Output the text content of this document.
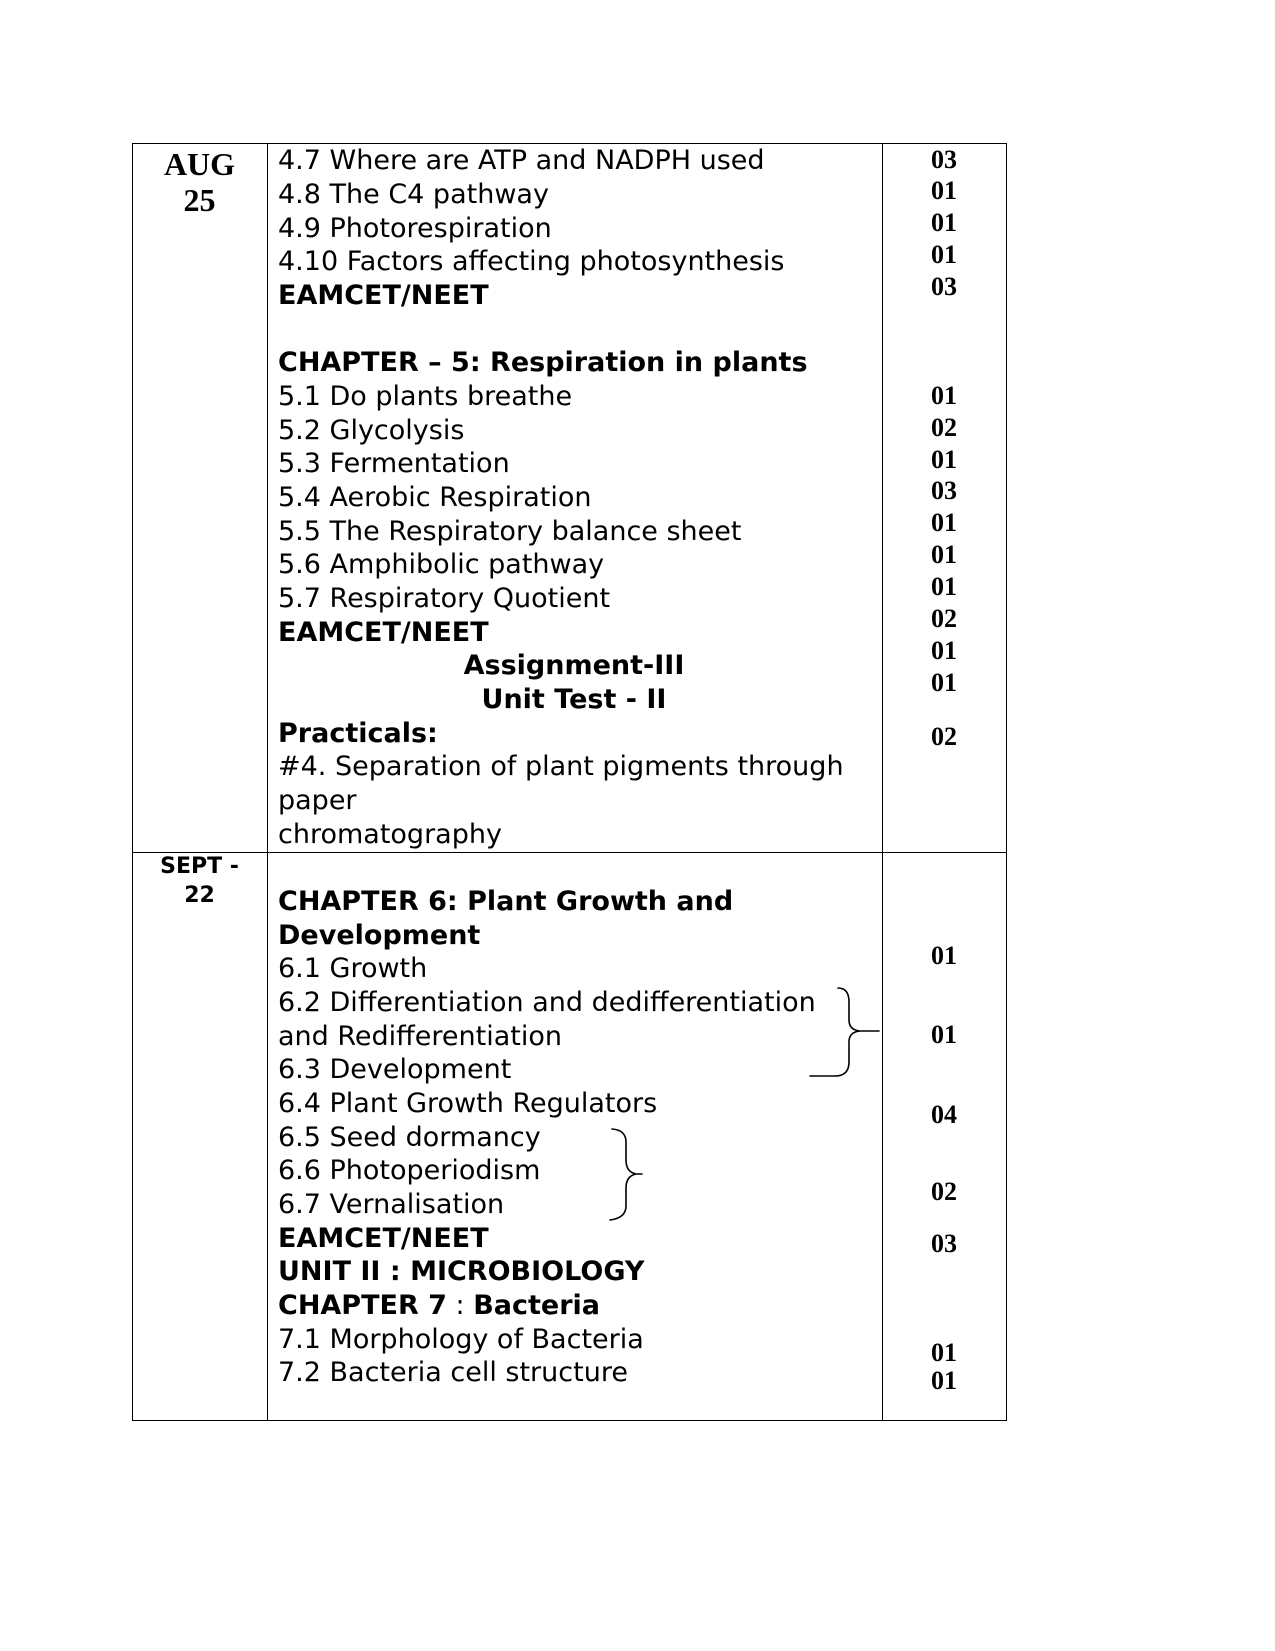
AUG
25
4.7 Where are ATP and NADPH used
4.8 The C4 pathway
4.9 Photorespiration
4.10 Factors affecting photosynthesis
EAMCET/NEET
CHAPTER – 5: Respiration in plants
5.1 Do plants breathe
5.2 Glycolysis
5.3 Fermentation
5.4 Aerobic Respiration
5.5 The Respiratory balance sheet
5.6 Amphibolic pathway
5.7 Respiratory Quotient
EAMCET/NEET
Assignment-III
Unit Test - II
Practicals:
#4. Separation of plant pigments through
paper
chromatography
03
01
01
01
03
01
02
01
03
01
01
01
02
01
01
02
SEPT -
22	CHAPTER 6: Plant Growth and
Development
6.1 Growth
6.2 Differentiation and dedifferentiation
and Redifferentiation
6.3 Development
6.4 Plant Growth Regulators
6.5 Seed dormancy
6.6 Photoperiodism
6.7 Vernalisation
EAMCET/NEET
UNIT II : MICROBIOLOGY
CHAPTER 7 : Bacteria
7.1 Morphology of Bacteria
7.2 Bacteria cell structure
01
01
04
02
03
01
01
